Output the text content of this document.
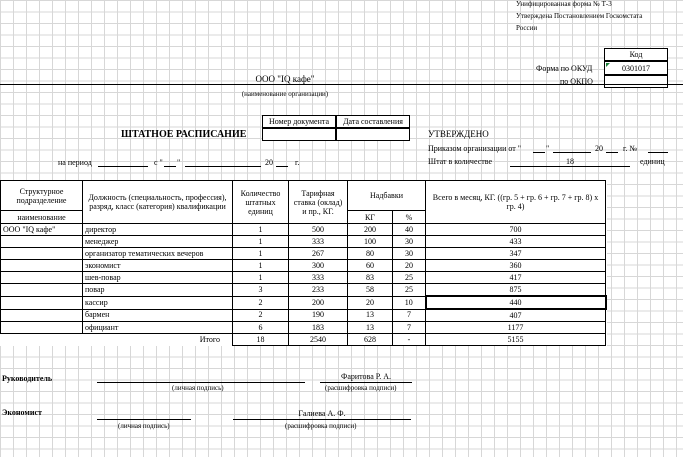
Унифицированная форма № Т-3
Утверждена Постановлением Госкомстата
России
Код
0301017
Форма по ОКУД
по ОКПО
ООО "IQ кафе"
(наименование организации)
ШТАТНОЕ РАСПИСАНИЕ
Номер документа	Дата составления
на период	с " "	20	г.
УТВЕРЖДЕНО
Приказом организации от "	"	20	г. №
Штат в количестве	18	единиц
Структурное подразделение	Должность (специальность, профессия), разряд, класс (категория) квалификации	Количество штатных единиц	Тарифная ставка (оклад) и пр., КГ.	Надбавки		Всего в месяц, КГ. ((гр. 5 + гр. 6 + гр. 7 + гр. 8) х гр. 4)
наименование				КГ	%	
ООО "IQ кафе"	директор	1	500	200	40	700
	менеджер	1	333	100	30	433
	организатор тематических вечеров	1	267	80	30	347
	экономист	1	300	60	20	360
	шев-повар	1	333	83	25	417
	повар	3	233	58	25	875
	кассир	2	200	20	10	440
	бармен	2	190	13	7	407
	официант	6	183	13	7	1177
	Итого	18	2540	628	-	5155
Руководитель
(личная подпись)
Фаритова Р. А.
(расшифровка подписи)
Экономист
(личная подпись)
Галиева А. Ф.
(расшифровка подписи)
